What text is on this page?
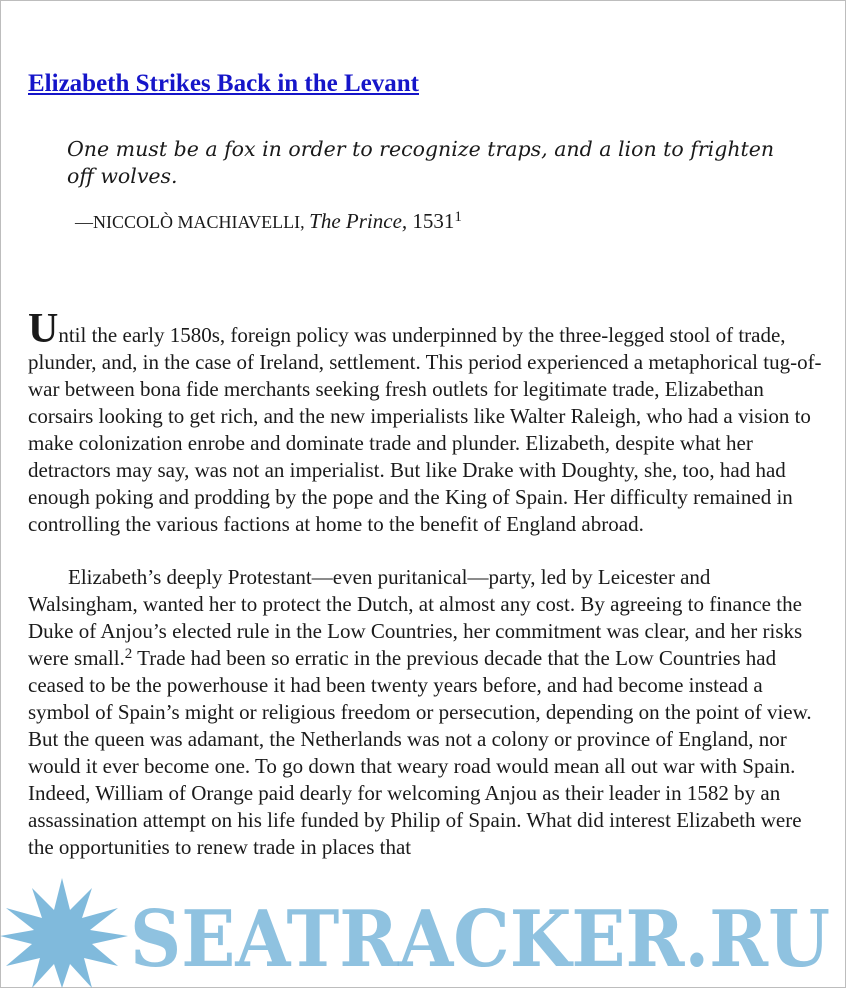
Elizabeth Strikes Back in the Levant

One must be a fox in order to recognize traps, and a lion to frighten off wolves.

—NICCOLÒ MACHIAVELLI, The Prince, 1531$^1$

Until the early 1580s, foreign policy was underpinned by the three-legged stool of trade, plunder, and, in the case of Ireland, settlement. This period experienced a metaphorical tug-of-war between bona fide merchants seeking fresh outlets for legitimate trade, Elizabethan corsairs looking to get rich, and the new imperialists like Walter Raleigh, who had a vision to make colonization enrobe and dominate trade and plunder. Elizabeth, despite what her detractors may say, was not an imperialist. But like Drake with Doughty, she, too, had had enough poking and prodding by the pope and the King of Spain. Her difficulty remained in controlling the various factions at home to the benefit of England abroad.

Elizabeth’s deeply Protestant—even puritanical—party, led by Leicester and Walsingham, wanted her to protect the Dutch, at almost any cost. By agreeing to finance the Duke of Anjou’s elected rule in the Low Countries, her commitment was clear, and her risks were small.$^2$ Trade had been so erratic in the previous decade that the Low Countries had ceased to be the powerhouse it had been twenty years before, and had become instead a symbol of Spain’s might or religious freedom or persecution, depending on the point of view. But the queen was adamant, the Netherlands was not a colony or province of England, nor would it ever become one. To go down that weary road would mean all out war with Spain. Indeed, William of Orange paid dearly for welcoming Anjou as their leader in 1582 by an assassination attempt on his life funded by Philip of Spain. What did interest Elizabeth were the opportunities to renew trade in places that

SEATRACKER.RU
